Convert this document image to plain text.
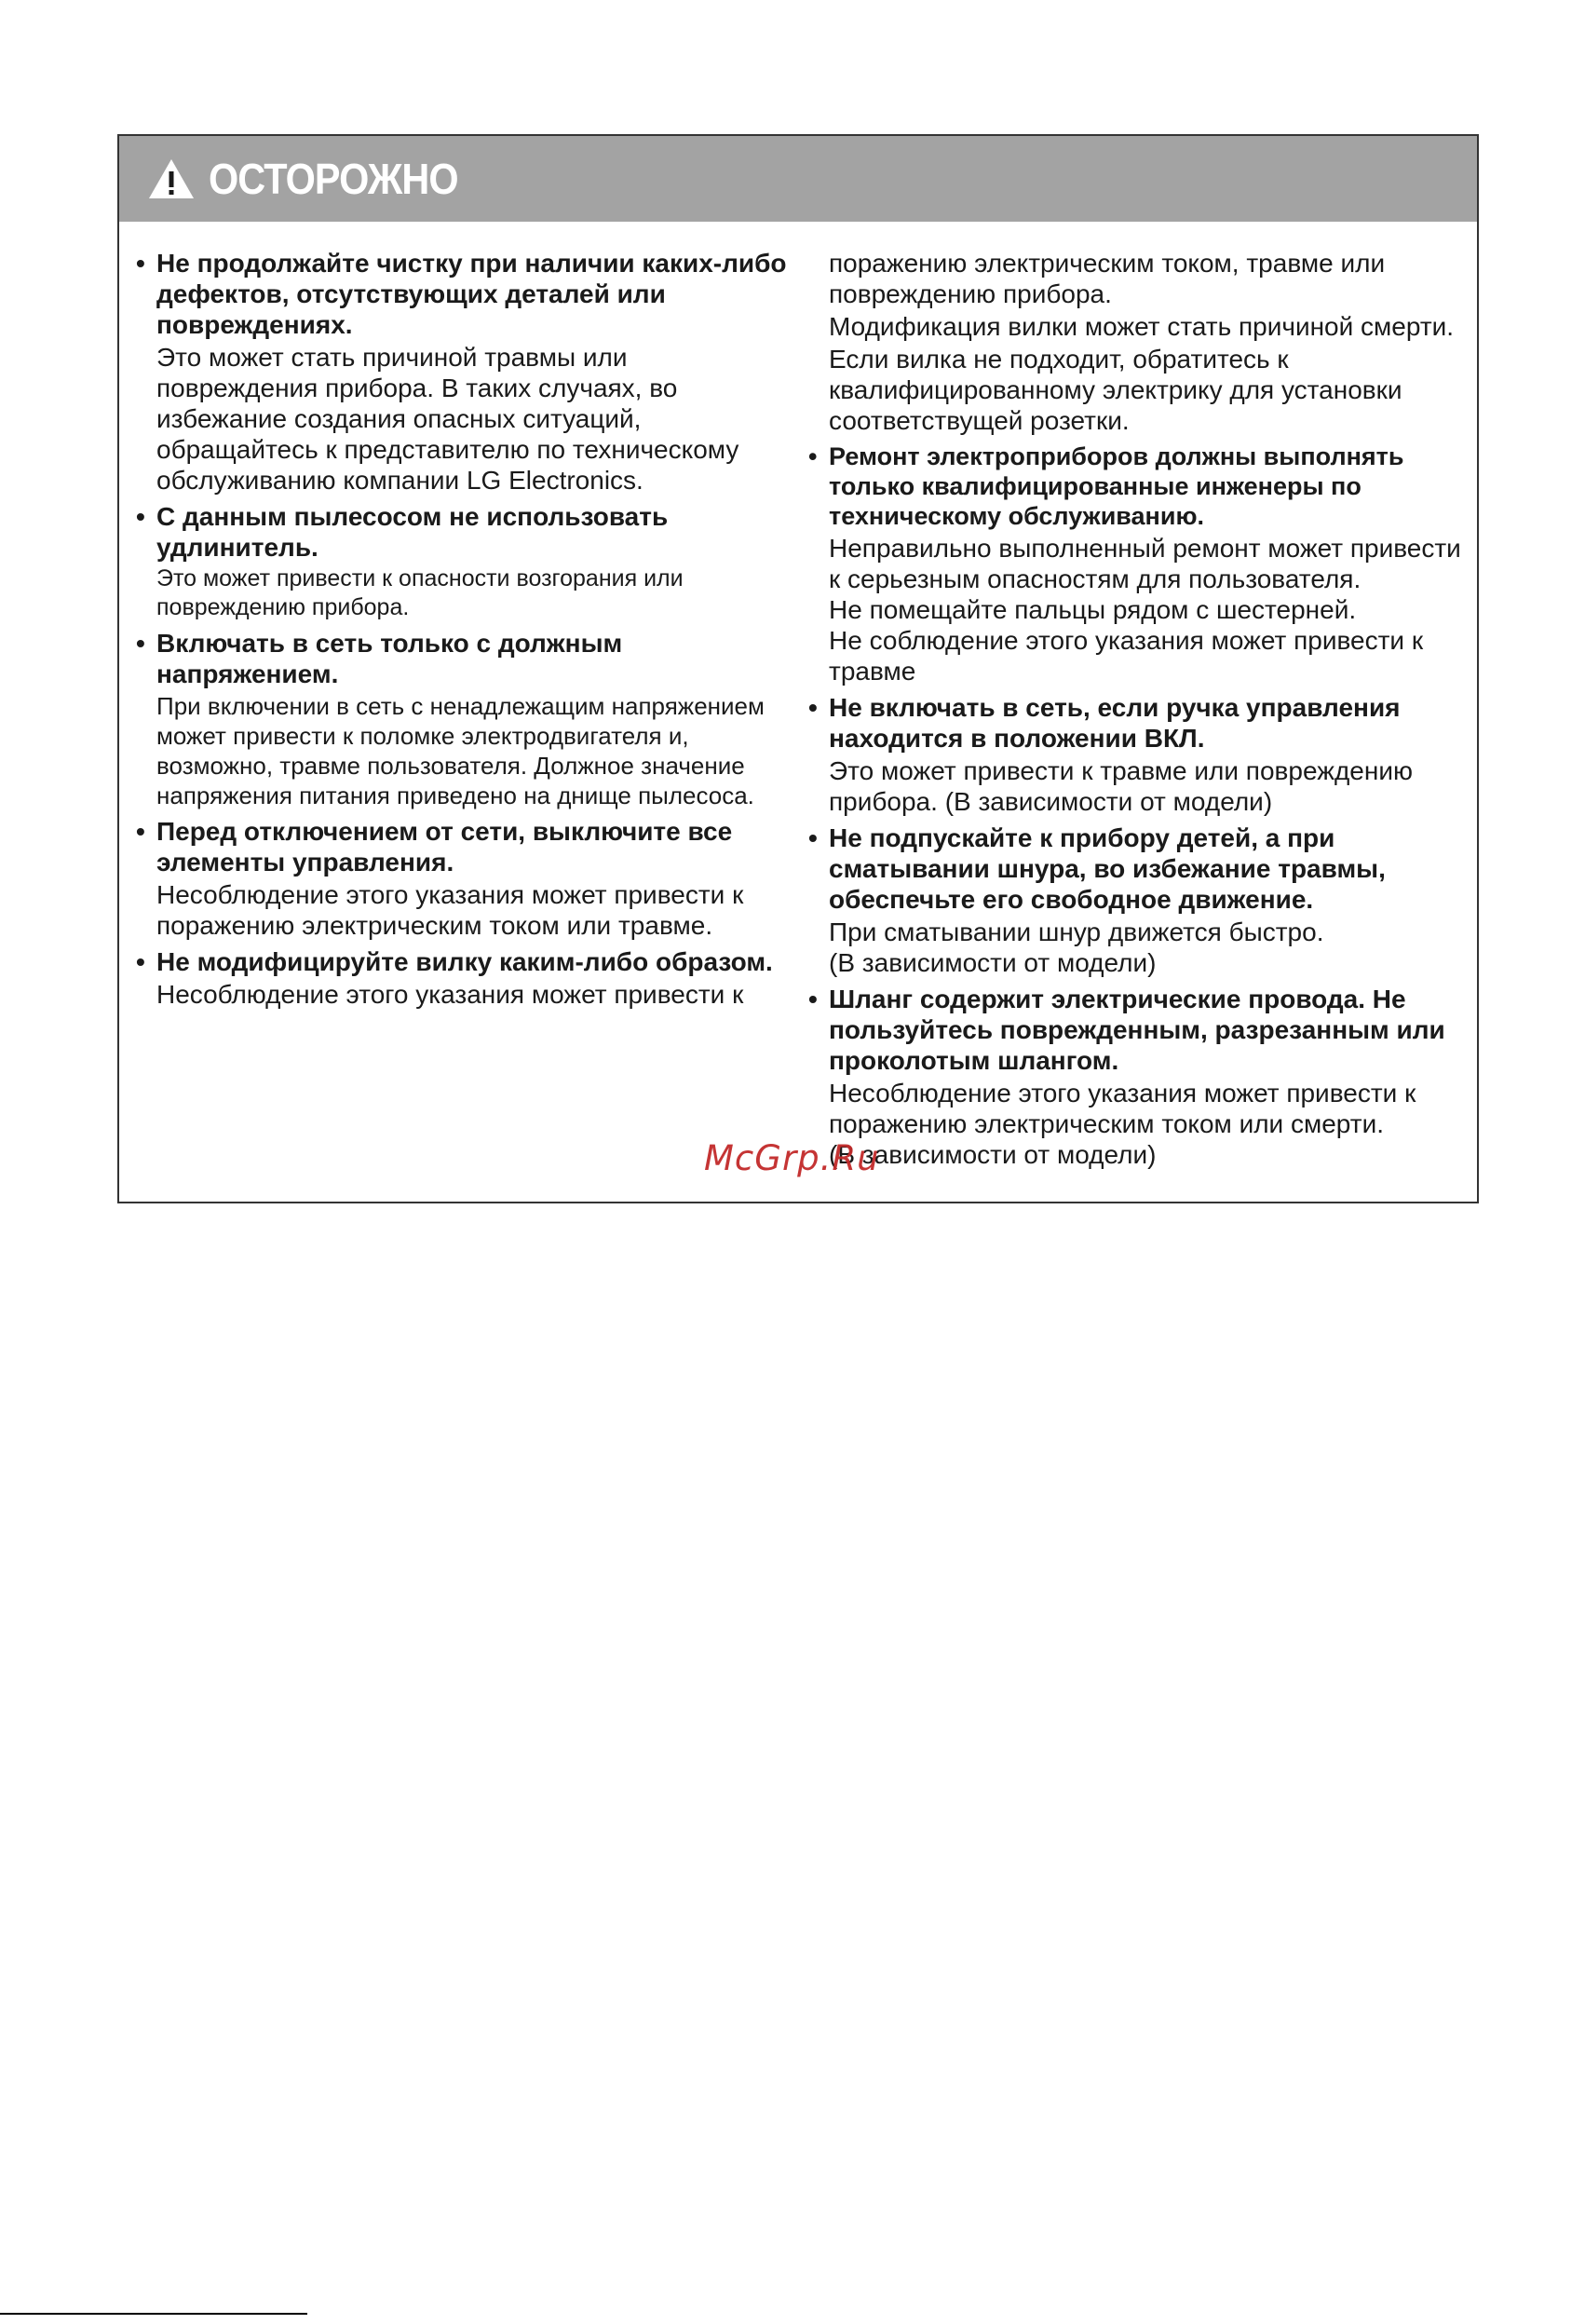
ОСТОРОЖНО

• Не продолжайте чистку при наличии каких-либо дефектов, отсутствующих деталей или повреждениях.

Это может стать причиной травмы или повреждения прибора. В таких случаях, во избежание создания опасных ситуаций, обращайтесь к представителю по техническому обслуживанию компании LG Electronics.

• С данным пылесосом не использовать удлинитель.

Это может привести к опасности возгорания или повреждению прибора.

• Включать в сеть только с должным напряжением.

При включении в сеть с ненадлежащим напряжением может привести к поломке электродвигателя и, возможно, травме пользователя. Должное значение напряжения питания приведено на днище пылесоса.

• Перед отключением от сети, выключите все элементы управления.

Несоблюдение этого указания может привести к поражению электрическим током или травме.

• Не модифицируйте вилку каким-либо образом.

Несоблюдение этого указания может привести к

поражению электрическим током, травме или повреждению прибора.

Модификация вилки может стать причиной смерти.

Если вилка не подходит, обратитесь к квалифицированному электрику для установки соответствущей розетки.

• Ремонт электроприборов должны выполнять только квалифицированные инженеры по техническому обслуживанию.

Неправильно выполненный ремонт может привести к серьезным опасностям для пользователя.
Не помещайте пальцы рядом с шестерней.
Не соблюдение этого указания может привести к травме

• Не включать в сеть, если ручка управления находится в положении ВКЛ.

Это может привести к травме или повреждению прибора. (В зависимости от модели)

• Не подпускайте к прибору детей, а при сматывании шнура, во избежание травмы, обеспечьте его свободное движение.

При сматывании шнур движется быстро.
(В зависимости от модели)

• Шланг содержит электрические провода. Не пользуйтесь поврежденным, разрезанным или проколотым шлангом.

Несоблюдение этого указания может привести к поражению электрическим током или смерти.
(В зависимости от модели)

McGrp.Ru
